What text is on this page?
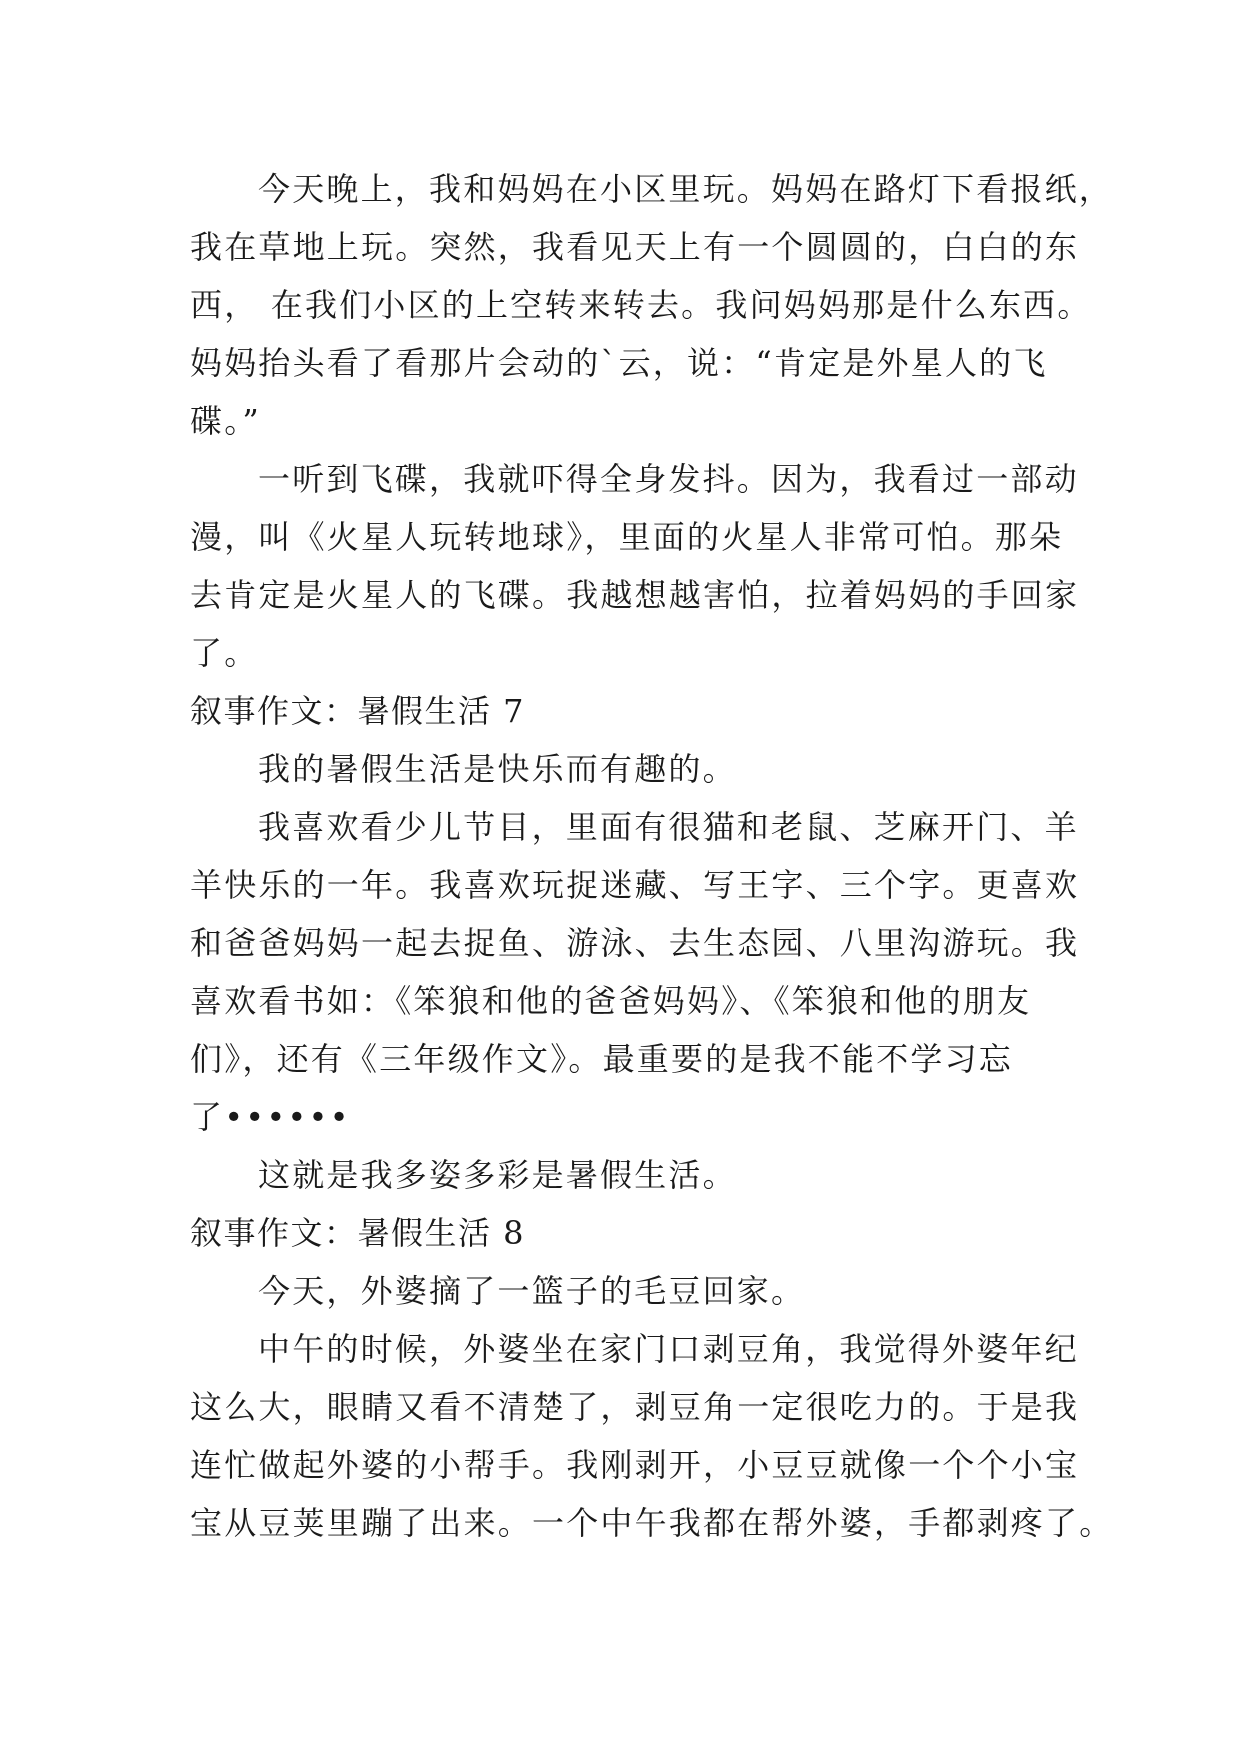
今天晚上，我和妈妈在小区里玩。妈妈在路灯下看报纸，
我在草地上玩。突然，我看见天上有一个圆圆的，白白的东
西， 在我们小区的上空转来转去。我问妈妈那是什么东西。
妈妈抬头看了看那片会动的`云，说：“肯定是外星人的飞
碟。”
一听到飞碟，我就吓得全身发抖。因为，我看过一部动
漫，叫《火星人玩转地球》，里面的火星人非常可怕。那朵
去肯定是火星人的飞碟。我越想越害怕，拉着妈妈的手回家
了。
叙事作文：暑假生活 7
我的暑假生活是快乐而有趣的。
我喜欢看少儿节目，里面有很猫和老鼠、芝麻开门、羊
羊快乐的一年。我喜欢玩捉迷藏、写王字、三个字。更喜欢
和爸爸妈妈一起去捉鱼、游泳、去生态园、八里沟游玩。我
喜欢看书如：《笨狼和他的爸爸妈妈》、《笨狼和他的朋友
们》，还有《三年级作文》。最重要的是我不能不学习忘
了••••••
这就是我多姿多彩是暑假生活。
叙事作文：暑假生活 8
今天，外婆摘了一篮子的毛豆回家。
中午的时候，外婆坐在家门口剥豆角，我觉得外婆年纪
这么大，眼睛又看不清楚了，剥豆角一定很吃力的。于是我
连忙做起外婆的小帮手。我刚剥开，小豆豆就像一个个小宝
宝从豆荚里蹦了出来。一个中午我都在帮外婆，手都剥疼了。
